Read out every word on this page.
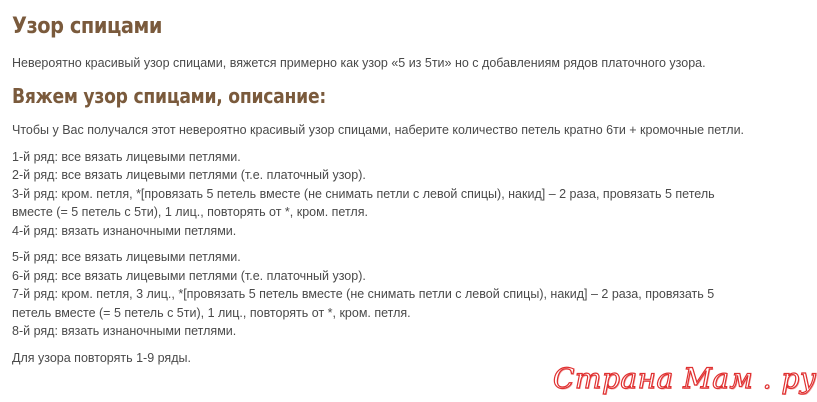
Узор спицами
Невероятно красивый узор спицами, вяжется примерно как узор «5 из 5ти» но с добавлениям рядов платочного узора.
Вяжем узор спицами, описание:

Чтобы у Вас получался этот невероятно красивый узор спицами, наберите количество петель кратно 6ти + кромочные петли.

1-й ряд: все вязать лицевыми петлями.

2-й ряд: все вязать лицевыми петлями (т.е. платочный узор).

3-й ряд: кром. петля, *[провязать 5 петель вместе (не снимать петли с левой спицы), накид] – 2 раза, провязать 5 петель вместе (= 5 петель с 5ти), 1 лиц., повторять от *, кром. петля.

4-й ряд: вязать изнаночными петлями.

5-й ряд: все вязать лицевыми петлями.

6-й ряд: все вязать лицевыми петлями (т.е. платочный узор).

7-й ряд: кром. петля, 3 лиц., *[провязать 5 петель вместе (не снимать петли с левой спицы), накид] – 2 раза, провязать 5 петель вместе (= 5 петель с 5ти), 1 лиц., повторять от *, кром. петля.

8-й ряд: вязать изнаночными петлями.

Для узора повторять 1-9 ряды.

Страна Мам . ру
